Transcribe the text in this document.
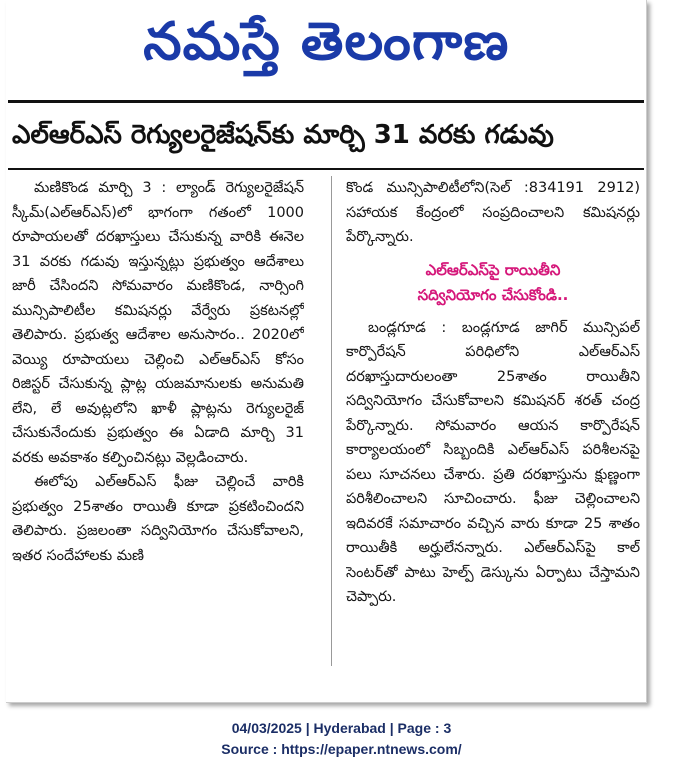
నమస్తే తెలంగాణ
ఎల్‌ఆర్‌ఎస్ రెగ్యులరైజేషన్‌కు మార్చి 31 వరకు గడువు

మణికొండ మార్చి 3 : ల్యాండ్ రెగ్యులరైజేషన్ స్కీమ్(ఎల్‌ఆర్‌ఎస్)లో భాగంగా గతంలో 1000 రూపాయలతో దరఖాస్తులు చేసుకున్న వారికి ఈనెల 31 వరకు గడువు ఇస్తున్నట్లు ప్రభుత్వం ఆదేశాలు జారీ చేసిందని సోమవారం మణికొండ, నార్సింగి మున్సిపాలిటీల కమిషనర్లు వేర్వేరు ప్రకటనల్లో తెలిపారు. ప్రభుత్వ ఆదేశాల అనుసారం.. 2020లో వెయ్యి రూపాయలు చెల్లించి ఎల్‌ఆర్‌ఎస్ కోసం రిజిస్టర్ చేసుకున్న ప్లాట్ల యజమానులకు అనుమతి లేని, లే అవుట్లలోని ఖాళీ ప్లాట్లను రెగ్యులరైజ్ చేసుకునేందుకు ప్రభుత్వం ఈ ఏడాది మార్చి 31 వరకు అవకాశం కల్పించినట్లు వెల్లడించారు.

ఈలోపు ఎల్‌ఆర్‌ఎస్ ఫీజు చెల్లించే వారికి ప్రభుత్వం 25శాతం రాయితీ కూడా ప్రకటించిందని తెలిపారు. ప్రజలంతా సద్వినియోగం చేసుకోవాలని, ఇతర సందేహాలకు మణి

కొండ మున్సిపాలిటీలోని(సెల్ :834191 2912) సహాయక కేంద్రంలో సంప్రదించాలని కమిషనర్లు పేర్కొన్నారు.

ఎల్‌ఆర్‌ఎస్‌పై రాయితీని
సద్వినియోగం చేసుకోండి..

బండ్లగూడ : బండ్లగూడ జాగిర్ మున్సిపల్ కార్పొరేషన్ పరిధిలోని ఎల్‌ఆర్‌ఎస్ దరఖాస్తుదారులంతా 25శాతం రాయితీని సద్వినియోగం చేసుకోవాలని కమిషనర్ శరత్ చంద్ర పేర్కొన్నారు. సోమవారం ఆయన కార్పొరేషన్ కార్యాలయంలో సిబ్బందికి ఎల్‌ఆర్‌ఎస్ పరిశీలనపై పలు సూచనలు చేశారు. ప్రతి దరఖాస్తును క్షుణ్ణంగా పరిశీలించాలని సూచించారు. ఫీజు చెల్లించాలని ఇదివరకే సమాచారం వచ్చిన వారు కూడా 25 శాతం రాయితీకి అర్హులేనన్నారు. ఎల్‌ఆర్‌ఎస్‌పై కాల్ సెంటర్‌తో పాటు హెల్ప్ డెస్కును ఏర్పాటు చేస్తామని చెప్పారు.

04/03/2025 | Hyderabad | Page : 3
Source : https://epaper.ntnews.com/
